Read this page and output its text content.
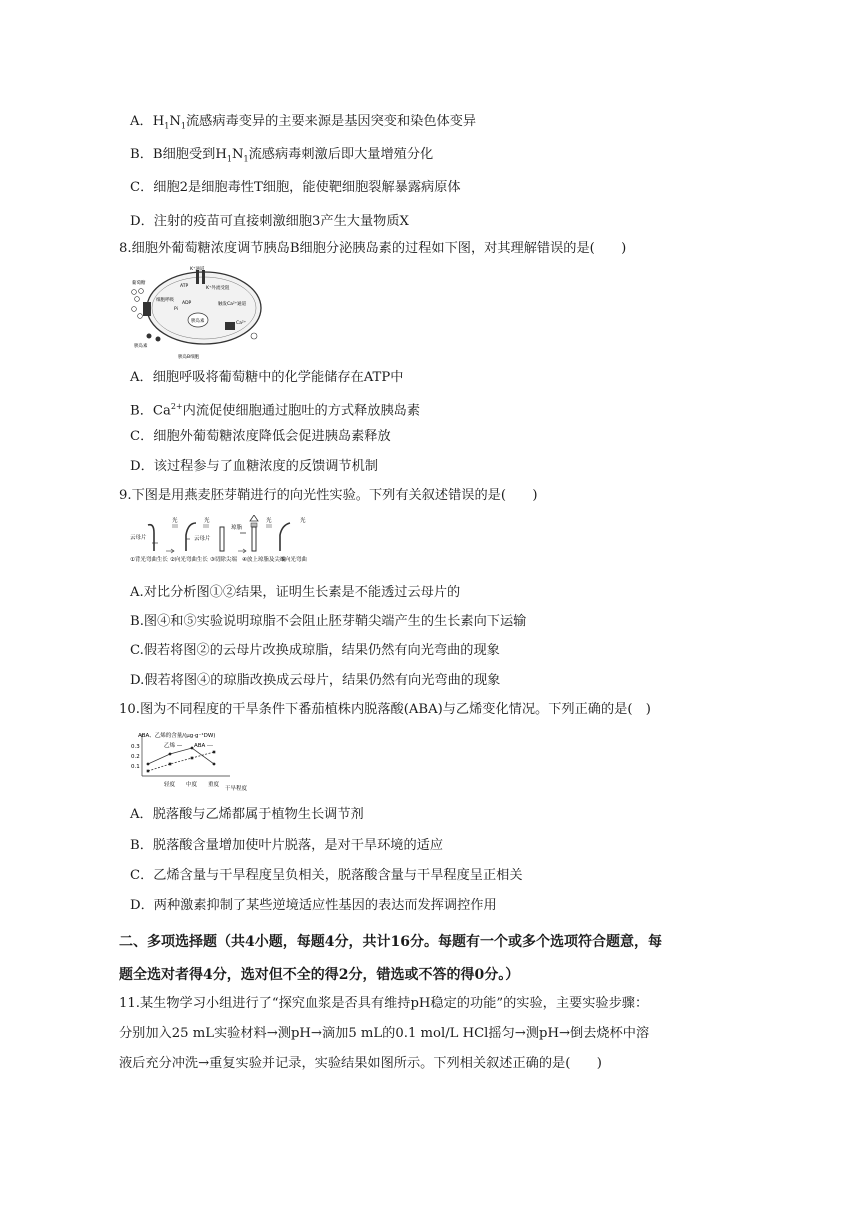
A．$H_1N_1$流感病毒变异的主要来源是基因突变和染色体变异
B．B细胞受到$H_1N_1$流感病毒刺激后即大量增殖分化
C．细胞2是细胞毒性T细胞，能使靶细胞裂解暴露病原体
D．注射的疫苗可直接刺激细胞3产生大量物质X
8.细胞外葡萄糖浓度调节胰岛B细胞分泌胰岛素的过程如下图，对其理解错误的是(　　)
K⁺通道
葡萄糖
ATP	K⁺外流受阻
细胞呼吸
ADP
Pi
触发Ca²⁺通道
胰岛素	Ca²⁺
胰岛素
胰岛B细胞
A．细胞呼吸将葡萄糖中的化学能储存在ATP中
B．$Ca^{2+}$内流促使细胞通过胞吐的方式释放胰岛素
C．细胞外葡萄糖浓度降低会促进胰岛素释放
D．该过程参与了血糖浓度的反馈调节机制
9.下图是用燕麦胚芽鞘进行的向光性实验。下列有关叙述错误的是(　　)
云母片
光
云母片
光
琼脂
光	光
①背光弯曲生长 ②向光弯曲生长 ③切除尖端 ④放上琼脂及尖端
⑤向光弯曲
A.对比分析图①②结果，证明生长素是不能透过云母片的
B.图④和⑤实验说明琼脂不会阻止胚芽鞘尖端产生的生长素向下运输
C.假若将图②的云母片改换成琼脂，结果仍然有向光弯曲的现象
D.假若将图④的琼脂改换成云母片，结果仍然有向光弯曲的现象
10.图为不同程度的干旱条件下番茄植株内脱落酸(ABA)与乙烯变化情况。下列正确的是(　)
ABA、乙烯的含量/(μg·g⁻¹DW)
乙烯 — ABA ---
干旱程度
0.3
0.2
0.1
轻度 中度 重度
A．脱落酸与乙烯都属于植物生长调节剂
B．脱落酸含量增加使叶片脱落，是对干旱环境的适应
C．乙烯含量与干旱程度呈负相关，脱落酸含量与干旱程度呈正相关
D．两种激素抑制了某些逆境适应性基因的表达而发挥调控作用
二、多项选择题（共4小题，每题4分，共计16分。每题有一个或多个选项符合题意，每
题全选对者得4分，选对但不全的得2分，错选或不答的得0分。）
11.某生物学习小组进行了“探究血浆是否具有维持pH稳定的功能”的实验，主要实验步骤：
分别加入25 mL实验材料→测pH→滴加5 mL的0.1 mol/L HCl摇匀→测pH→倒去烧杯中溶
液后充分冲洗→重复实验并记录，实验结果如图所示。下列相关叙述正确的是(　　)
